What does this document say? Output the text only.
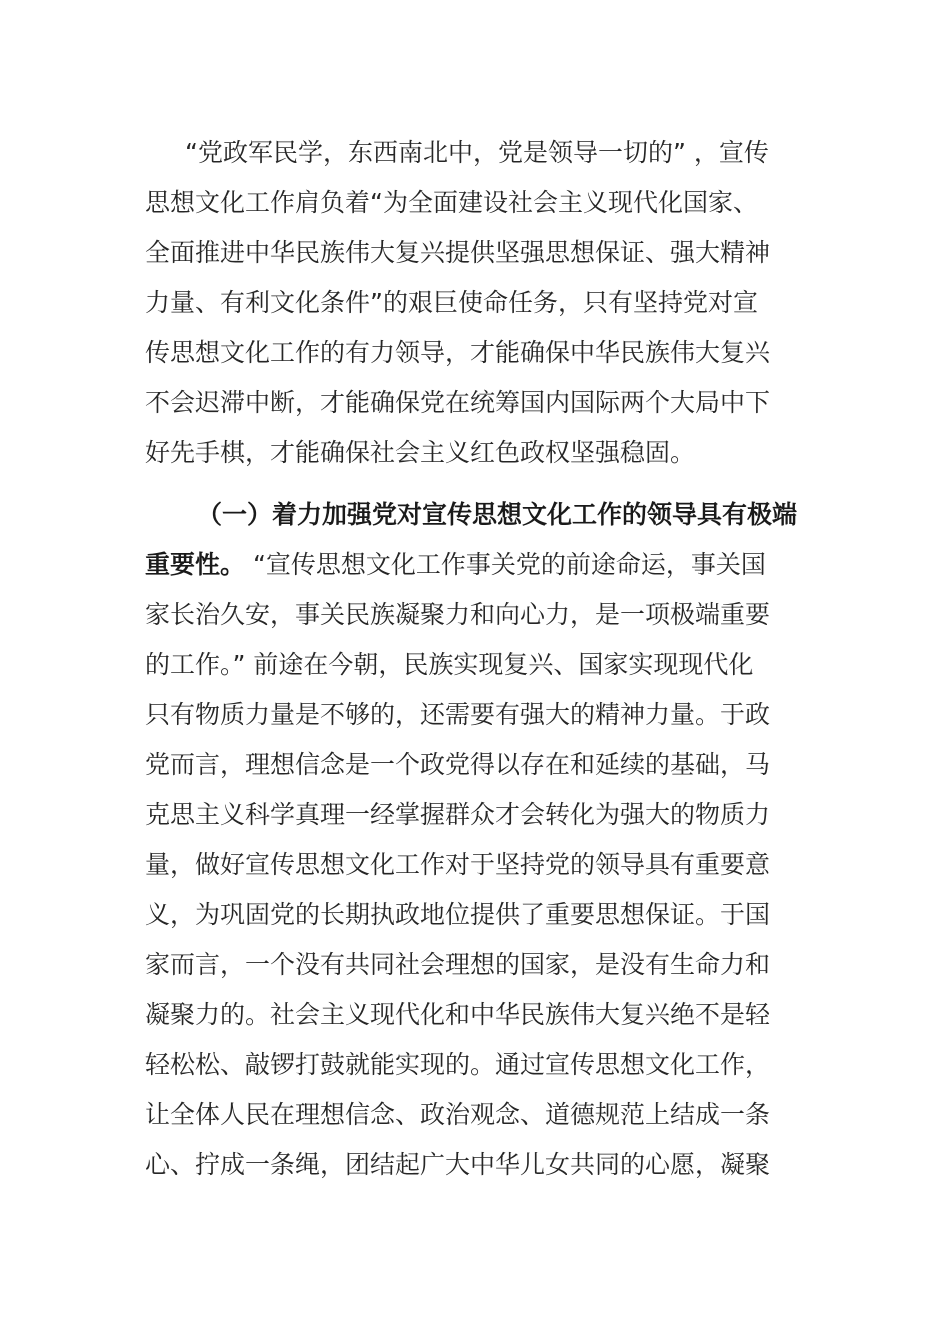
“党政军民学，东西南北中，党是领导一切的” ，宣传
思想文化工作肩负着“为全面建设社会主义现代化国家、
全面推进中华民族伟大复兴提供坚强思想保证、强大精神
力量、有利文化条件”的艰巨使命任务，只有坚持党对宣
传思想文化工作的有力领导，才能确保中华民族伟大复兴
不会迟滞中断，才能确保党在统筹国内国际两个大局中下
好先手棋，才能确保社会主义红色政权坚强稳固。
（一）着力加强党对宣传思想文化工作的领导具有极端
重要性。 “宣传思想文化工作事关党的前途命运，事关国
家长治久安，事关民族凝聚力和向心力，是一项极端重要
的工作。” 前途在今朝，民族实现复兴、国家实现现代化
只有物质力量是不够的，还需要有强大的精神力量。于政
党而言，理想信念是一个政党得以存在和延续的基础，马
克思主义科学真理一经掌握群众才会转化为强大的物质力
量，做好宣传思想文化工作对于坚持党的领导具有重要意
义，为巩固党的长期执政地位提供了重要思想保证。于国
家而言，一个没有共同社会理想的国家，是没有生命力和
凝聚力的。社会主义现代化和中华民族伟大复兴绝不是轻
轻松松、敲锣打鼓就能实现的。通过宣传思想文化工作，
让全体人民在理想信念、政治观念、道德规范上结成一条
心、拧成一条绳，团结起广大中华儿女共同的心愿，凝聚
